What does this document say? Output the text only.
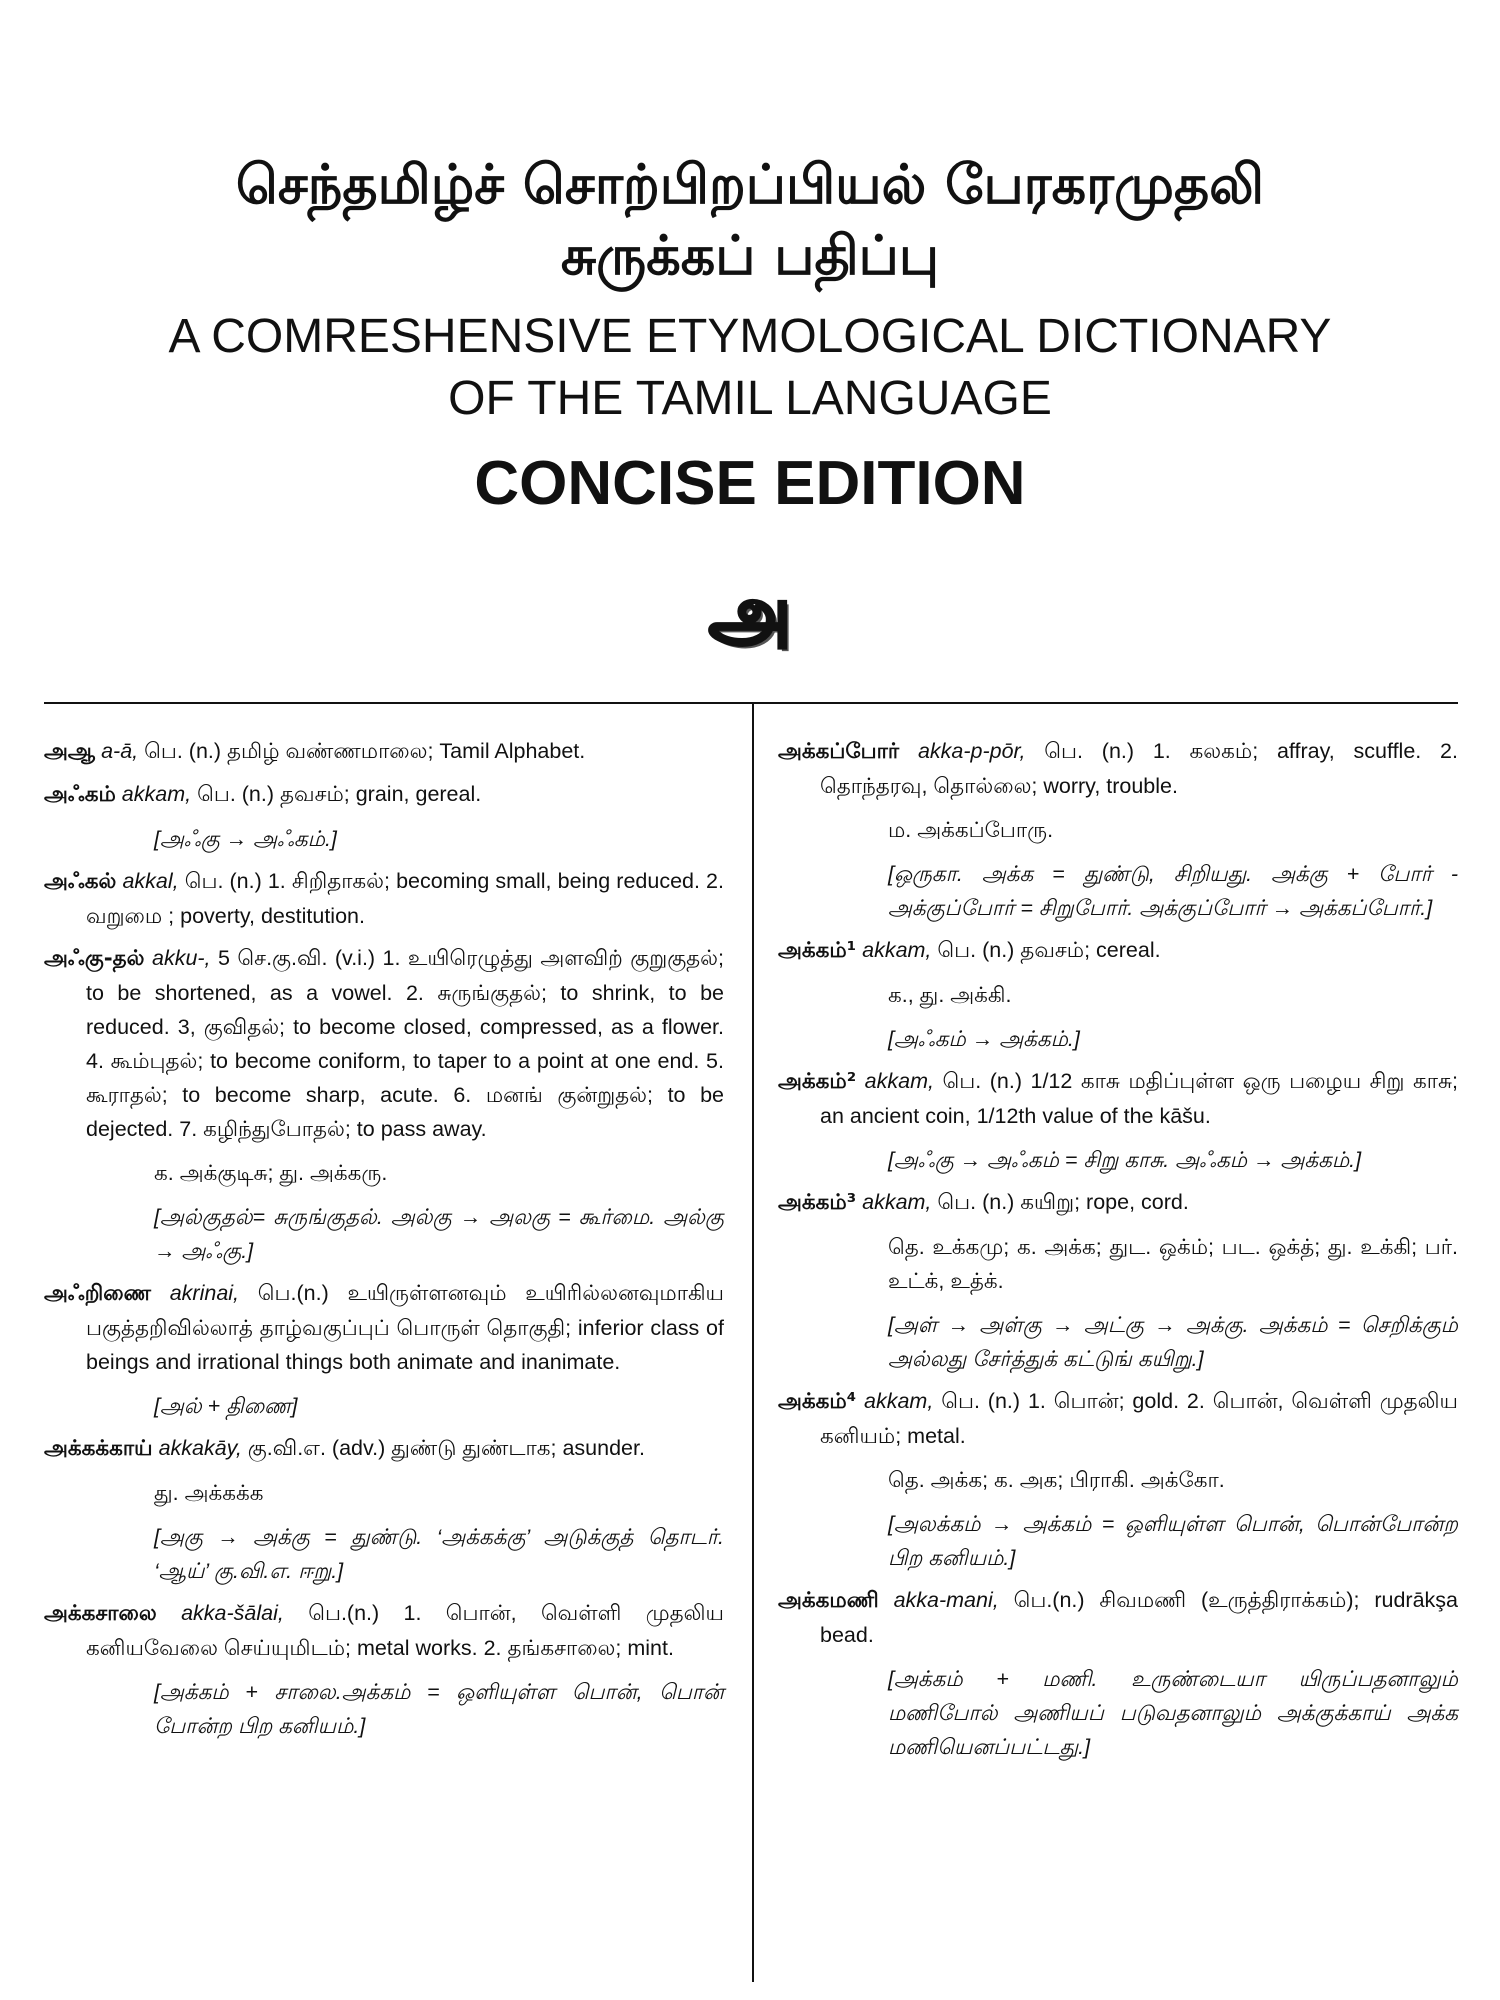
செந்தமிழ்ச் சொற்பிறப்பியல் பேரகரமுதலி
சுருக்கப் பதிப்பு
A COMRESHENSIVE ETYMOLOGICAL DICTIONARY
OF THE TAMIL LANGUAGE
CONCISE EDITION
அ
அஆ a-ā, பெ. (n.) தமிழ் வண்ணமாலை; Tamil Alphabet.
அஃகம் akkam, பெ. (n.) தவசம்; grain, gereal.
[அஃகு → அஃகம்.]
அஃகல் akkal, பெ. (n.) 1. சிறிதாகல்; becoming small, being reduced. 2. வறுமை ; poverty, destitution.
அஃகு-தல் akku-, 5 செ.கு.வி. (v.i.) 1. உயிரெழுத்து அளவிற் குறுகுதல்; to be shortened, as a vowel. 2. சுருங்குதல்; to shrink, to be reduced. 3, குவிதல்; to become closed, compressed, as a flower. 4. கூம்புதல்; to become coniform, to taper to a point at one end. 5. கூராதல்; to become sharp, acute. 6. மனங் குன்றுதல்; to be dejected. 7. கழிந்துபோதல்; to pass away.
க. அக்குடிசு; து. அக்கரு.
[அல்குதல்= சுருங்குதல். அல்கு → அலகு = கூர்மை. அல்கு → அஃகு.]
அஃறிணை akrinai, பெ.(n.) உயிருள்ளனவும் உயிரில்லனவுமாகிய பகுத்தறிவில்லாத் தாழ்வகுப்புப் பொருள் தொகுதி; inferior class of beings and irrational things both animate and inanimate.
[அல் + திணை]
அக்கக்காய் akkakāy, கு.வி.எ. (adv.) துண்டு துண்டாக; asunder.
து. அக்கக்க
[அகு → அக்கு = துண்டு. ‘அக்கக்கு’ அடுக்குத் தொடர். ‘ஆய்’ கு.வி.எ. ஈறு.]
அக்கசாலை akka-šālai, பெ.(n.) 1. பொன், வெள்ளி முதலிய கனியவேலை செய்யுமிடம்; metal works. 2. தங்கசாலை; mint.
[அக்கம் + சாலை.அக்கம் = ஒளியுள்ள பொன், பொன் போன்ற பிற கனியம்.]
அக்கப்போர் akka-p-pōr, பெ. (n.) 1. கலகம்; affray, scuffle. 2. தொந்தரவு, தொல்லை; worry, trouble.
ம. அக்கப்போரு.
[ஒருகா. அக்க = துண்டு, சிறியது. அக்கு + போர் - அக்குப்போர் = சிறுபோர். அக்குப்போர் → அக்கப்போர்.]
அக்கம்¹ akkam, பெ. (n.) தவசம்; cereal.
க., து. அக்கி.
[அஃகம் → அக்கம்.]
அக்கம்² akkam, பெ. (n.) 1/12 காசு மதிப்புள்ள ஒரு பழைய சிறு காசு; an ancient coin, 1/12th value of the kāšu.
[அஃகு → அஃகம் = சிறு காசு. அஃகம் → அக்கம்.]
அக்கம்³ akkam, பெ. (n.) கயிறு; rope, cord.
தெ. உக்கமு; க. அக்க; துட. ஒக்ம்; பட. ஒக்த்; து. உக்கி; பர். உட்க், உத்க்.
[அள் → அள்கு → அட்கு → அக்கு. அக்கம் = செறிக்கும் அல்லது சேர்த்துக் கட்டுங் கயிறு.]
அக்கம்⁴ akkam, பெ. (n.) 1. பொன்; gold. 2. பொன், வெள்ளி முதலிய கனியம்; metal.
தெ. அக்க; க. அக; பிராகி. அக்கோ.
[அலக்கம் → அக்கம் = ஒளியுள்ள பொன், பொன்போன்ற பிற கனியம்.]
அக்கமணி akka-mani, பெ.(n.) சிவமணி (உருத்திராக்கம்); rudrākşa bead.
[அக்கம் + மணி. உருண்டையா யிருப்பதனாலும் மணிபோல் அணியப் படுவதனாலும் அக்குக்காய் அக்க மணியெனப்பட்டது.]
